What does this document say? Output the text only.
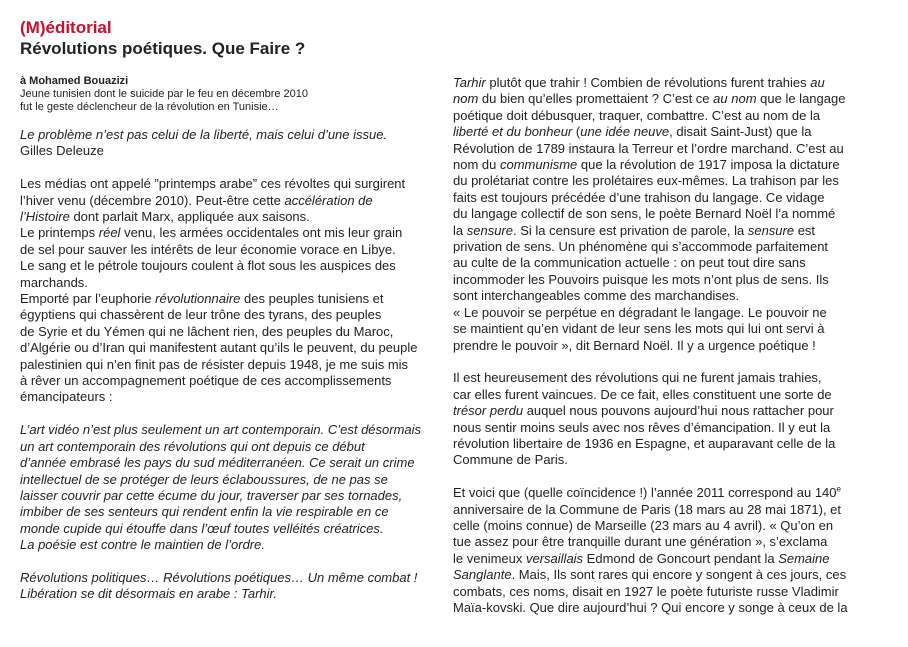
(M)éditorial
Révolutions poétiques. Que Faire ?
à Mohamed Bouazizi
Jeune tunisien dont le suicide par le feu en décembre 2010
fut le geste déclencheur de la révolution en Tunisie…

Le problème n’est pas celui de la liberté, mais celui d’une issue.
Gilles Deleuze

Les médias ont appelé ”printemps arabe” ces révoltes qui surgirent
l’hiver venu (décembre 2010). Peut-être cette accélération de
l’Histoire dont parlait Marx, appliquée aux saisons.
Le printemps réel venu, les armées occidentales ont mis leur grain
de sel pour sauver les intérêts de leur économie vorace en Libye.
Le sang et le pétrole toujours coulent à flot sous les auspices des
marchands.
Emporté par l’euphorie révolutionnaire des peuples tunisiens et
égyptiens qui chassèrent de leur trône des tyrans, des peuples
de Syrie et du Yémen qui ne lâchent rien, des peuples du Maroc,
d’Algérie ou d’Iran qui manifestent autant qu’ils le peuvent, du peuple
palestinien qui n’en finit pas de résister depuis 1948, je me suis mis
à rêver un accompagnement poétique de ces accomplissements
émancipateurs :

L’art vidéo n’est plus seulement un art contemporain. C’est désormais
un art contemporain des révolutions qui ont depuis ce début
d’année embrasé les pays du sud méditerranéen. Ce serait un crime
intellectuel de se protéger de leurs éclaboussures, de ne pas se
laisser couvrir par cette écume du jour, traverser par ses tornades,
imbiber de ses senteurs qui rendent enfin la vie respirable en ce
monde cupide qui étouffe dans l’œuf toutes velléités créatrices.
La poésie est contre le maintien de l’ordre.

Révolutions politiques… Révolutions poétiques… Un même combat !
Libération se dit désormais en arabe : Tarhir.

Tarhir plutôt que trahir ! Combien de révolutions furent trahies au
nom du bien qu’elles promettaient ? C’est ce au nom que le langage
poétique doit débusquer, traquer, combattre. C’est au nom de la
liberté et du bonheur (une idée neuve, disait Saint-Just) que la
Révolution de 1789 instaura la Terreur et l’ordre marchand. C’est au
nom du communisme que la révolution de 1917 imposa la dictature
du prolétariat contre les prolétaires eux-mêmes. La trahison par les
faits est toujours précédée d’une trahison du langage. Ce vidage
du langage collectif de son sens, le poète Bernard Noël l’a nommé
la sensure. Si la censure est privation de parole, la sensure est
privation de sens. Un phénomène qui s’accommode parfaitement
au culte de la communication actuelle : on peut tout dire sans
incommoder les Pouvoirs puisque les mots n’ont plus de sens. Ils
sont interchangeables comme des marchandises.
« Le pouvoir se perpétue en dégradant le langage. Le pouvoir ne
se maintient qu’en vidant de leur sens les mots qui lui ont servi à
prendre le pouvoir », dit Bernard Noël. Il y a urgence poétique !

Il est heureusement des révolutions qui ne furent jamais trahies,
car elles furent vaincues. De ce fait, elles constituent une sorte de
trésor perdu auquel nous pouvons aujourd’hui nous rattacher pour
nous sentir moins seuls avec nos rêves d’émancipation. Il y eut la
révolution libertaire de 1936 en Espagne, et auparavant celle de la
Commune de Paris.

Et voici que (quelle coïncidence !) l’année 2011 correspond au 140e
anniversaire de la Commune de Paris (18 mars au 28 mai 1871), et
celle (moins connue) de Marseille (23 mars au 4 avril). « Qu’on en
tue assez pour être tranquille durant une génération », s’exclama
le venimeux versaillais Edmond de Goncourt pendant la Semaine
Sanglante. Mais, Ils sont rares qui encore y songent à ces jours, ces
combats, ces noms, disait en 1927 le poète futuriste russe Vladimir
Maïa-kovski. Que dire aujourd’hui ? Qui encore y songe à ceux de la
